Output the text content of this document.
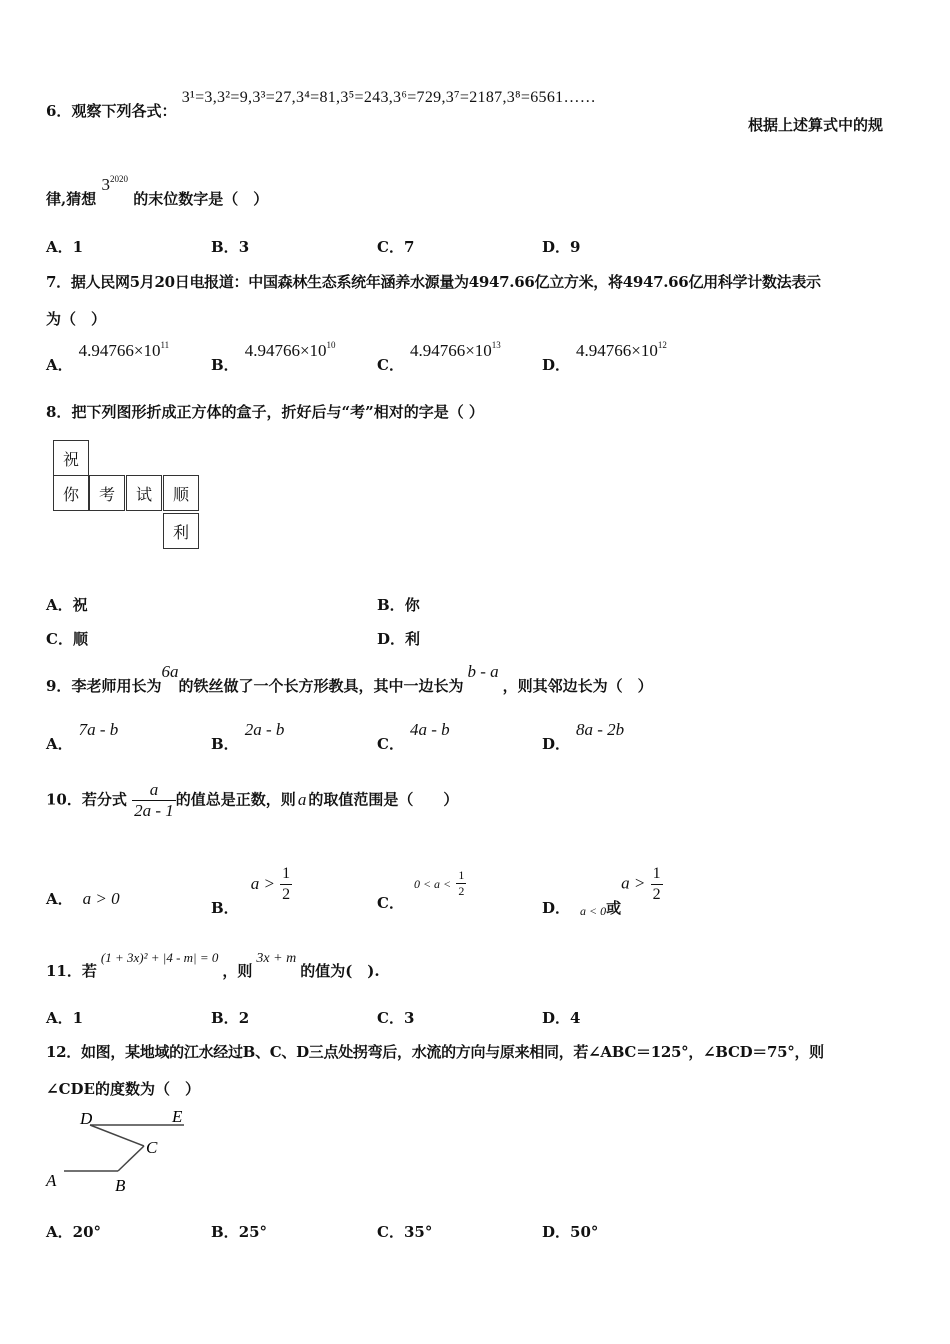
6．观察下列各式： 3¹=3,3²=9,3³=27,3⁴=81,3⁵=243,3⁶=729,3⁷=2187,3⁸=6561……
根据上述算式中的规
律,猜想 $3^{2020}$ 的末位数字是（　）
A．1	B．3	C．7	D．9
7．据人民网5月20日电报道：中国森林生态系统年涵养水源量为4947.66亿立方米，将4947.66亿用科学计数法表示
为（　）
A．$4.94766\times 10^{11}$
B．$4.94766\times 10^{10}$
C．$4.94766\times 10^{13}$
D．$4.94766\times 10^{12}$
8．把下列图形折成正方体的盒子，折好后与“考”相对的字是（ ）
祝
你	考	试	顺
利
A．祝	B．你
C．顺	D．利
9．李老师用长为6a的铁丝做了一个长方形教具，其中一边长为b - a，则其邻边长为（　）
A．7a - b
B．2a - b
C．4a - b
D．8a - 2b
10．若分式 $\frac{a}{2a - 1}$ 的值总是正数，则 a 的取值范围是（　　）
A． a > 0	B．$a > \frac{1}{2}$	C．$0 < a < \frac{1}{2}$
D． $_{a < 0}$或$a > \frac{1}{2}$
11．若(1 + 3x)² + |4 - m| = 0，则3x + m的值为(　).
A．1	B．2	C．3	D．4
12．如图，某地域的江水经过B、C、D三点处拐弯后，水流的方向与原来相同，若∠ABC＝125°，∠BCD＝75°，则
∠CDE的度数为（　）
D	E
C
A	B
A．20°	B．25°	C．35°	D．50°
